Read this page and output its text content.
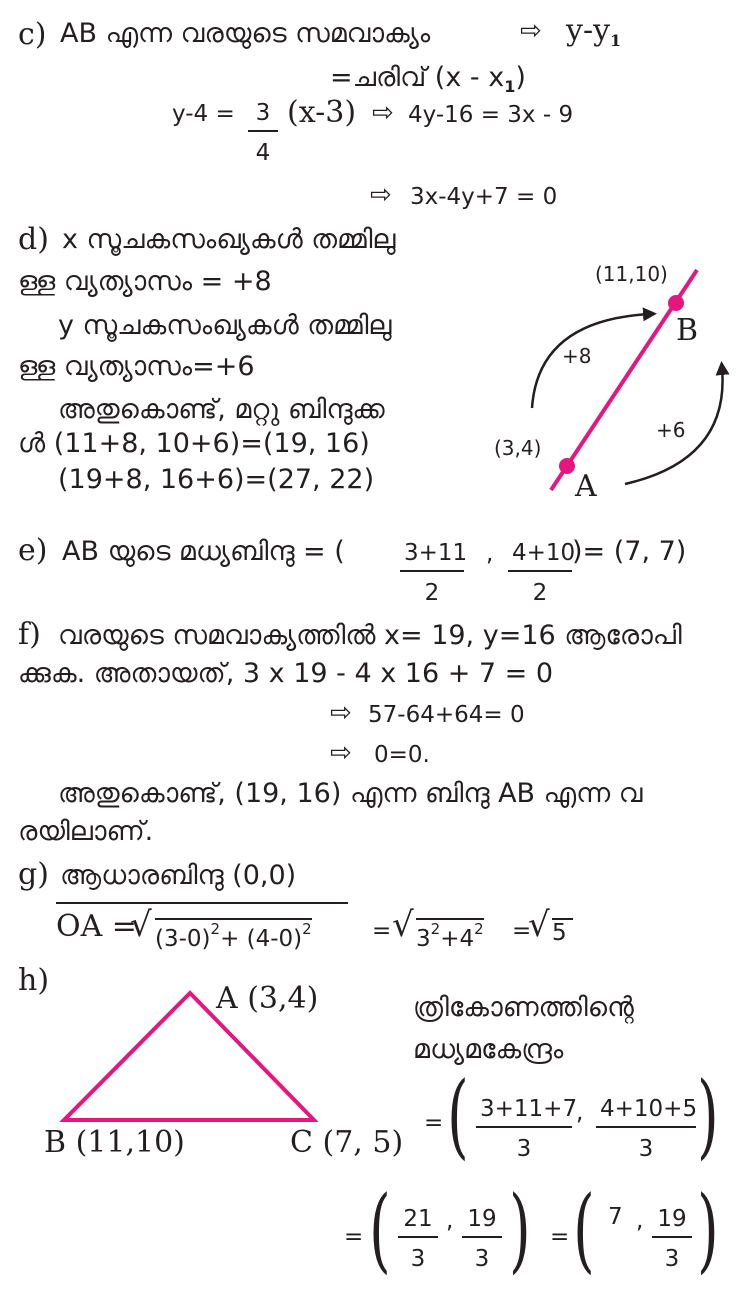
c) AB എന്ന വരയുടെ സമവാക്യം	⇨ $y-y_1$
=ചരിവ് $(x - x_1)$
$y-4 = \frac{3}{4} (x-3)$ ⇨ 4y-16 = 3x - 9
⇨ 3x-4y+7 = 0
d) x സൂചകസംഖ്യകൾ തമ്മിലു
ള്ള വ്യത്യാസം = +8
y സൂചകസംഖ്യകൾ തമ്മിലു
ള്ള വ്യത്യാസം=+6
അതുകൊണ്ട്, മറ്റു ബിന്ദുക്ക
ൾ (11+8, 10+6)=(19, 16)
(19+8, 16+6)=(27, 22)
(11,10)
B
+8
+6
(3,4)
A
e) AB യുടെ മധ്യബിന്ദു = ( $\frac{3+11}{2}$ , $\frac{4+10}{2}$ )= (7, 7)
f) വരയുടെ സമവാക്യത്തിൽ x= 19, y=16 ആരോപി
ക്കുക. അതായത്, 3 x 19 - 4 x 16 + 7 = 0
⇨ 57-64+64= 0
⇨ 0=0.
അതുകൊണ്ട്, (19, 16) എന്ന ബിന്ദു AB എന്ന വ
രയിലാണ്.
g) ആധാരബിന്ദു (0,0)
OA =
√ $(3-0)^2+ (4-0)^2$	= √ $3^2+4^2$ =
√ 5
h)
A (3,4)
B (11,10)	C (7, 5)
ത്രികോണത്തിന്റെ
മധ്യമകേന്ദ്രം
= ( $\frac{3+11+7}{3}$ , $\frac{4+10+5}{3}$ )
= ( $\frac{21}{3}$ , $\frac{19}{3}$ ) = ( 7 , $\frac{19}{3}$ )
